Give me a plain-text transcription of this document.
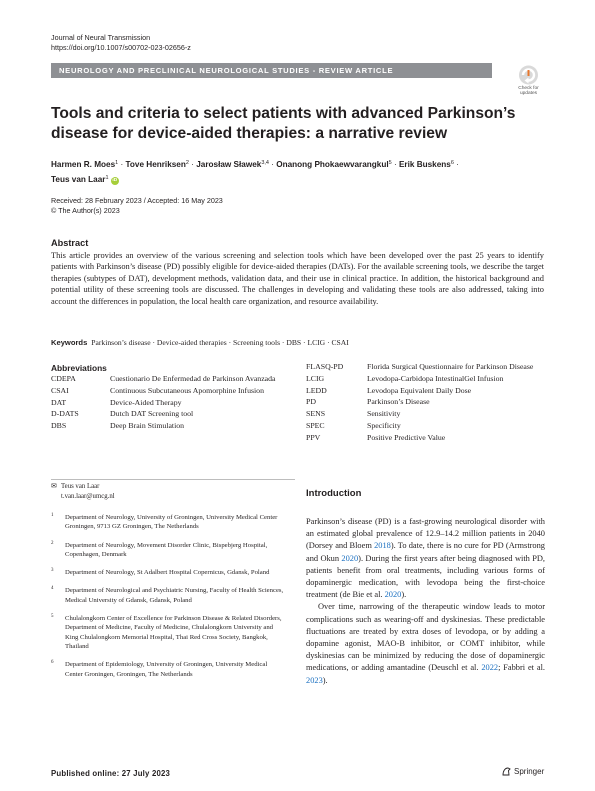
Journal of Neural Transmission
https://doi.org/10.1007/s00702-023-02656-z
NEUROLOGY AND PRECLINICAL NEUROLOGICAL STUDIES - REVIEW ARTICLE
Check for updates
Tools and criteria to select patients with advanced Parkinson’s disease for device-aided therapies: a narrative review
Harmen R. Moes$^1$ · Tove Henriksen$^2$ · Jarosław Sławek$^{3,4}$ · Onanong Phokaewvarangkul$^5$ · Erik Buskens$^6$ ·
Teus van Laar$^1$ iD
Received: 28 February 2023 / Accepted: 16 May 2023
© The Author(s) 2023
Abstract
This article provides an overview of the various screening and selection tools which have been developed over the past 25 years to identify patients with Parkinson’s disease (PD) possibly eligible for device-aided therapies (DATs). For the available screening tools, we describe the target therapies (subtypes of DAT), development methods, validation data, and their use in clinical practice. In addition, the historical background and potential utility of these screening tools are discussed. The challenges in developing and validating these tools are also addressed, taking into account the differences in population, the local health care organization, and resource availability.
Keywords Parkinson’s disease · Device-aided therapies · Screening tools · DBS · LCIG · CSAI
Abbreviations
CDEPA	Cuestionario De Enfermedad de Parkinson Avanzada
CSAI	Continuous Subcutaneous Apomorphine Infusion
DAT	Device-Aided Therapy
D-DATS	Dutch DAT Screening tool
DBS	Deep Brain Stimulation
FLASQ-PD	Florida Surgical Questionnaire for Parkinson Disease
LCIG	Levodopa-Carbidopa IntestinalGel Infusion
LEDD	Levodopa Equivalent Daily Dose
PD	Parkinson’s Disease
SENS	Sensitivity
SPEC	Specificity
PPV	Positive Predictive Value
✉ Teus van Laar
t.van.laar@umcg.nl
1 Department of Neurology, University of Groningen, University Medical Center Groningen, 9713 GZ Groningen, The Netherlands
2 Department of Neurology, Movement Disorder Clinic, Bispebjerg Hospital, Copenhagen, Denmark
3 Department of Neurology, St Adalbert Hospital Copernicus, Gdansk, Poland
4 Department of Neurological and Psychiatric Nursing, Faculty of Health Sciences, Medical University of Gdansk, Gdansk, Poland
5 Chulalongkorn Center of Excellence for Parkinson Disease & Related Disorders, Department of Medicine, Faculty of Medicine, Chulalongkorn University and King Chulalongkorn Memorial Hospital, Thai Red Cross Society, Bangkok, Thailand
6 Department of Epidemiology, University of Groningen, University Medical Center Groningen, Groningen, The Netherlands
Introduction

Parkinson’s disease (PD) is a fast-growing neurological disorder with an estimated global prevalence of 12.9–14.2 million patients in 2040 (Dorsey and Bloem 2018). To date, there is no cure for PD (Armstrong and Okun 2020). During the first years after being diagnosed with PD, patients benefit from oral treatments, including various forms of dopaminergic medication, with levodopa being the first-choice treatment (de Bie et al. 2020).

Over time, narrowing of the therapeutic window leads to motor complications such as wearing-off and dyskinesias. These predictable fluctuations are treated by extra doses of levodopa, or by adding a dopamine agonist, MAO-B inhibitor, or COMT inhibitor, while dyskinesias can be minimized by reducing the dose of dopaminergic medications, or adding amantadine (Deuschl et al. 2022; Fabbri et al. 2023).

Published online: 27 July 2023	Springer
